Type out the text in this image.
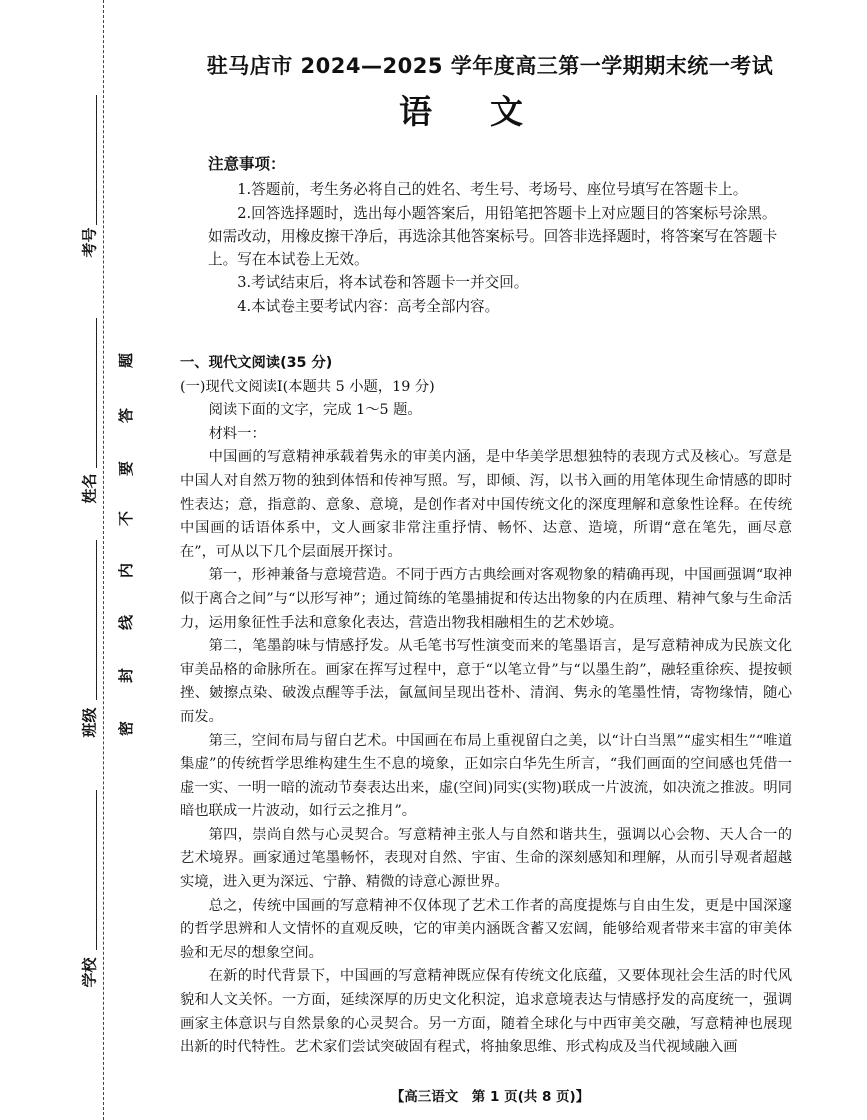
考号
姓名
班级
学校
题
答
要
不
内
线
封
密
驻马店市 2024—2025 学年度高三第一学期期末统一考试
语文
注意事项：

1.答题前，考生务必将自己的姓名、考生号、考场号、座位号填写在答题卡上。

2.回答选择题时，选出每小题答案后，用铅笔把答题卡上对应题目的答案标号涂黑。如需改动，用橡皮擦干净后，再选涂其他答案标号。回答非选择题时，将答案写在答题卡上。写在本试卷上无效。

3.考试结束后，将本试卷和答题卡一并交回。

4.本试卷主要考试内容：高考全部内容。

一、现代文阅读(35 分)

(一)现代文阅读Ⅰ(本题共 5 小题，19 分)

阅读下面的文字，完成 1～5 题。

材料一：

中国画的写意精神承载着隽永的审美内涵，是中华美学思想独特的表现方式及核心。写意是中国人对自然万物的独到体悟和传神写照。写，即倾、泻，以书入画的用笔体现生命情感的即时性表达；意，指意韵、意象、意境，是创作者对中国传统文化的深度理解和意象性诠释。在传统中国画的话语体系中，文人画家非常注重抒情、畅怀、达意、造境，所谓“意在笔先，画尽意在”，可从以下几个层面展开探讨。

第一，形神兼备与意境营造。不同于西方古典绘画对客观物象的精确再现，中国画强调“取神似于离合之间”与“以形写神”；通过简练的笔墨捕捉和传达出物象的内在质理、精神气象与生命活力，运用象征性手法和意象化表达，营造出物我相融相生的艺术妙境。

第二，笔墨韵味与情感抒发。从毛笔书写性演变而来的笔墨语言，是写意精神成为民族文化审美品格的命脉所在。画家在挥写过程中，意于“以笔立骨”与“以墨生韵”，融轻重徐疾、提按顿挫、皴擦点染、破泼点醒等手法，氤氲间呈现出苍朴、清润、隽永的笔墨性情，寄物缘情，随心而发。

第三，空间布局与留白艺术。中国画在布局上重视留白之美，以“计白当黑”“虚实相生”“唯道集虚”的传统哲学思维构建生生不息的境象，正如宗白华先生所言，“我们画面的空间感也凭借一虚一实、一明一暗的流动节奏表达出来，虚(空间)同实(实物)联成一片波流，如决流之推波。明同暗也联成一片波动，如行云之推月”。

第四，崇尚自然与心灵契合。写意精神主张人与自然和谐共生，强调以心会物、天人合一的艺术境界。画家通过笔墨畅怀，表现对自然、宇宙、生命的深刻感知和理解，从而引导观者超越实境，进入更为深远、宁静、精微的诗意心源世界。

总之，传统中国画的写意精神不仅体现了艺术工作者的高度提炼与自由生发，更是中国深邃的哲学思辨和人文情怀的直观反映，它的审美内涵既含蓄又宏阔，能够给观者带来丰富的审美体验和无尽的想象空间。

在新的时代背景下，中国画的写意精神既应保有传统文化底蕴，又要体现社会生活的时代风貌和人文关怀。一方面，延续深厚的历史文化积淀，追求意境表达与情感抒发的高度统一，强调画家主体意识与自然景象的心灵契合。另一方面，随着全球化与中西审美交融，写意精神也展现出新的时代特性。艺术家们尝试突破固有程式，将抽象思维、形式构成及当代视域融入画

【高三语文　第 1 页(共 8 页)】
